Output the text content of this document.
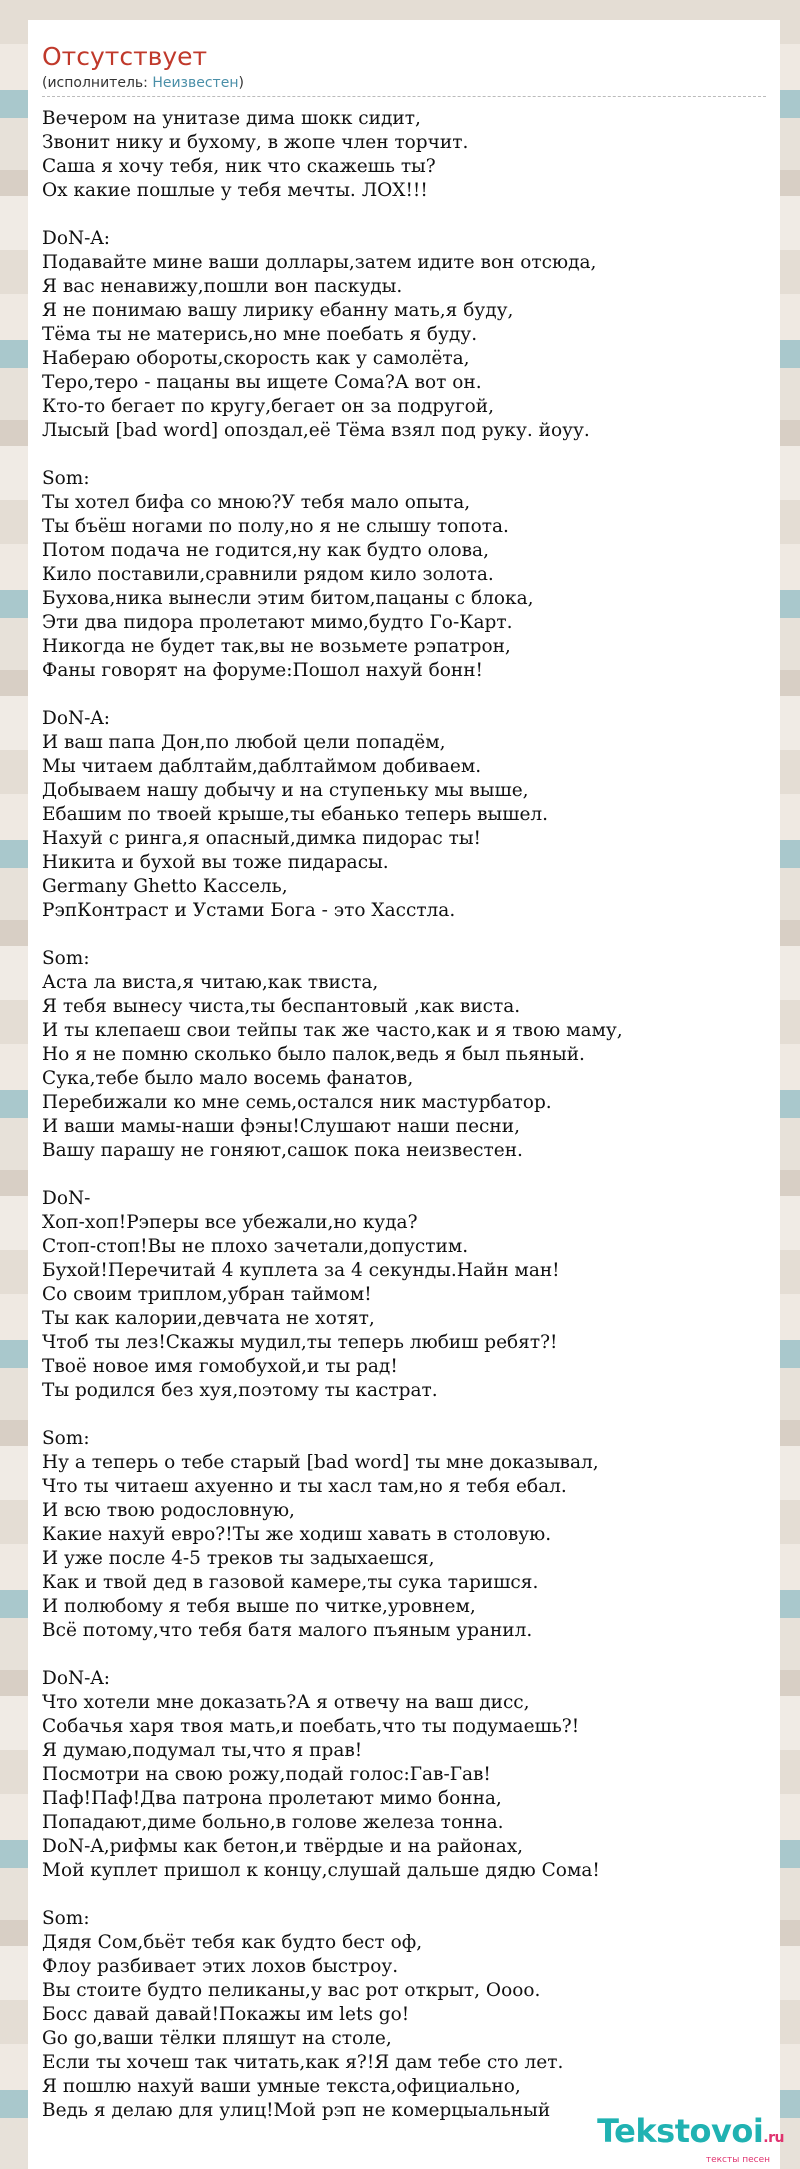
Отсутствует
(исполнитель: Неизвестен)
Вечером на унитазе дима шокк сидит,
Звонит нику и бухому, в жопе член торчит.
Саша я хочу тебя, ник что скажешь ты?
Ох какие пошлые у тебя мечты. ЛОХ!!!
DoN-A:
Подавайте мине ваши доллары,затем идите вон отсюда,
Я вас ненавижу,пошли вон паскуды.
Я не понимаю вашу лирику ебанну мать,я буду,
Тёма ты не матерись,но мне поебать я буду.
Набераю обороты,скорость как у самолёта,
Теро,теро - пацаны вы ищете Сома?А вот он.
Кто-то бегает по кругу,бегает он за подругой,
Лысый [bad word] опоздал,её Тёма взял под руку. йоуу.
Som:
Ты хотел бифа со мною?У тебя мало опыта,
Ты бъёш ногами по полу,но я не слышу топота.
Потом подача не годится,ну как будто олова,
Кило поставили,сравнили рядом кило золота.
Бухова,ника вынесли этим битом,пацаны с блока,
Эти два пидора пролетают мимо,будто Го-Карт.
Никогда не будет так,вы не возьмете рэпатрон,
Фаны говорят на форуме:Пошол нахуй бонн!
DoN-A:
И ваш папа Дон,по любой цели попадём,
Мы читаем даблтайм,даблтаймом добиваем.
Добываем нашу добычу и на ступеньку мы выше,
Ебашим по твоей крыше,ты ебанько теперь вышел.
Нахуй с ринга,я опасный,димка пидорас ты!
Никита и бухой вы тоже пидарасы.
Germany Ghetto Кассель,
РэпКонтраст и Устами Бога - это Хасстла.
Som:
Аста ла виста,я читаю,как твиста,
Я тебя вынесу чиста,ты беспантовый ,как виста.
И ты клепаеш свои тейпы так же часто,как и я твою маму,
Но я не помню сколько было палок,ведь я был пьяный.
Сука,тебе было мало восемь фанатов,
Перебижали ко мне семь,остался ник мастурбатор.
И ваши мамы-наши фэны!Слушают наши песни,
Вашу парашу не гоняют,сашок пока неизвестен.
DoN-
Хоп-хоп!Рэперы все убежали,но куда?
Стоп-стоп!Вы не плохо зачетали,допустим.
Бухой!Перечитай 4 куплета за 4 секунды.Найн ман!
Со своим триплом,убран таймом!
Ты как калории,девчата не хотят,
Чтоб ты лез!Скажы мудил,ты теперь любиш ребят?!
Твоё новое имя гомобухой,и ты рад!
Ты родился без хуя,поэтому ты кастрат.
Som:
Ну а теперь о тебе старый [bad word] ты мне доказывал,
Что ты читаеш ахуенно и ты хасл там,но я тебя ебал.
И всю твою родословную,
Какие нахуй евро?!Ты же ходиш хавать в столовую.
И уже после 4-5 треков ты задыхаешся,
Как и твой дед в газовой камере,ты сука таришся.
И полюбому я тебя выше по читке,уровнем,
Всё потому,что тебя батя малого пъяным уранил.
DoN-A:
Что хотели мне доказать?А я отвечу на ваш дисс,
Собачья харя твоя мать,и поебать,что ты подумаешь?!
Я думаю,подумал ты,что я прав!
Посмотри на свою рожу,подай голос:Гав-Гав!
Паф!Паф!Два патрона пролетают мимо бонна,
Попадают,диме больно,в голове железа тонна.
DoN-A,рифмы как бетон,и твёрдые и на районах,
Мой куплет пришол к концу,слушай дальше дядю Сома!
Som:
Дядя Сом,бьёт тебя как будто бест оф,
Флоу разбивает этих лохов быстроу.
Вы стоите будто пеликаны,у вас рот открыт, Оооо.
Босс давай давай!Покажы им lets go!
Go go,ваши тёлки пляшут на столе,
Если ты хочеш так читать,как я?!Я дам тебе сто лет.
Я пошлю нахуй ваши умные текста,официально,
Ведь я делаю для улиц!Мой рэп не комерцыальный
Tekstovoi.ru
тексты песен
